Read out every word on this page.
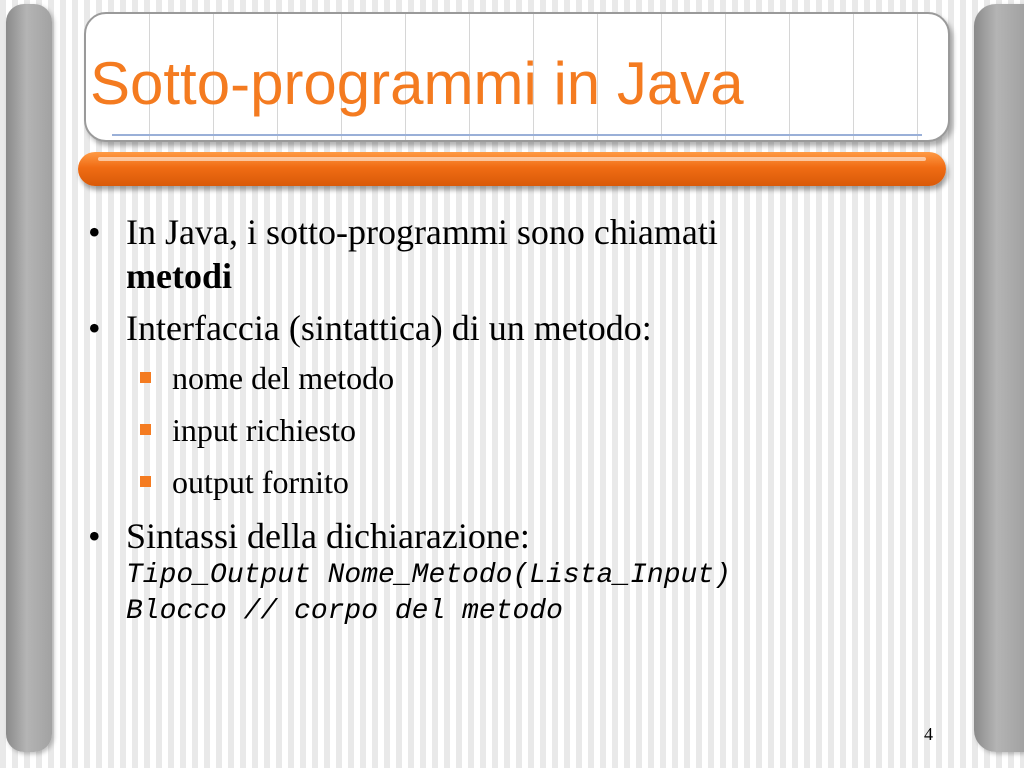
Sotto-programmi in Java
• In Java, i sotto-programmi sono chiamati
metodi
• Interfaccia (sintattica) di un metodo:
nome del metodo
input richiesto
output fornito
• Sintassi della dichiarazione:
Tipo_Output Nome_Metodo(Lista_Input)
Blocco // corpo del metodo
4
